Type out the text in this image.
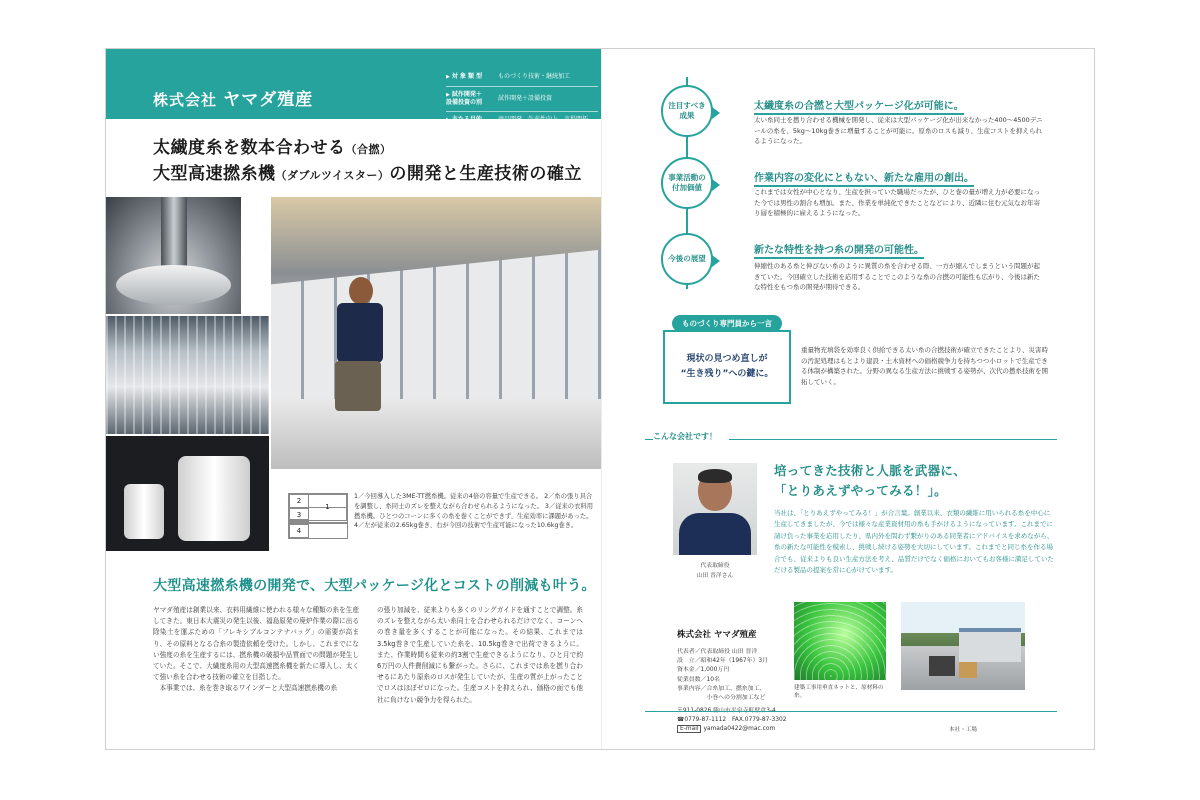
株式会社 ヤマダ殖産
▶ 対 象 類 型	ものづくり技術・継続加工
▶ 試作開発＋
設備投資の別
試作開発＋設備投資
▶ 主たる目的	商品開発、生産性向上、市場開拓
太繊度糸を数本合わせる（合撚）
大型高速撚糸機（ダブルツイスター）の開発と生産技術の確立
2
1
3
4
1／今回導入した3ME-TT撚糸機。従来の4倍の容量で生産できる。 2／糸の張り具合を調整し、糸同士のズレを整えながら合わせられるようになった。 3／従来の衣料用撚糸機。ひとつのコーンに多くの糸を巻くことができず、生産効率に課題があった。 4／左が従来の2.65kg巻き、右が今回の技術で生産可能になった10.6kg巻き。
大型高速撚糸機の開発で、大型パッケージ化とコストの削減も叶う。
ヤマダ殖産は創業以来、衣料用繊維に使われる様々な種類の糸を生産してきた。東日本大震災の発生以後、福島原発の廃炉作業の際に出る除染土を運ぶための「フレキシブルコンテナバッグ」の需要が高まり、その原料となる合糸の製造依頼を受けた。しかし、これまでにない強度の糸を生産するには、撚糸機の破損や品質面での問題が発生していた。そこで、大繊度糸用の大型高速撚糸機を新たに導入し、太くて強い糸を合わせる技術の確立を目指した。
　本事業では、糸を巻き取るワインダーと大型高速撚糸機の糸
の張り加減を、従来よりも多くのリングガイドを通すことで調整。糸のズレを整えながら太い糸同士を合わせられるだけでなく、コーンへの巻き量を多くすることが可能になった。その結果、これまでは3.5kg巻きで生産していた糸を、10.5kg巻きで出荷できるように。また、作業時間も従来の約3割で生産できるようになり、ひと月で約6万円の人件費削減にも繋がった。さらに、これまでは糸を撚り合わせるにあたり原糸のロスが発生していたが、生産の質が上がったことでロスはほぼゼロになった。生産コストを抑えられ、価格の面でも他社に負けない競争力を得られた。
注目すべき
成果
太繊度糸の合撚と大型パッケージ化が可能に。
太い糸同士を撚り合わせる機械を開発し、従来は大型パッケージ化が出来なかった400〜4500デニールの糸を、5kg〜10kg巻きに増量することが可能に。原糸のロスも減り、生産コストを抑えられるようになった。
事業活動の
付加価値
作業内容の変化にともない、新たな雇用の創出。
これまでは女性が中心となり、生産を担っていた職場だったが、ひと巻の量が増え力が必要になった今では男性の割合も増加。また、作業を単純化できたことなどにより、近隣に住む元気なお年寄り層を積極的に雇えるようになった。
今後の展望
新たな特性を持つ糸の開発の可能性。
伸縮性のある糸と伸びない糸のように異質の糸を合わせる際、一方が縮んでしまうという問題が起きていた。今回確立した技術を応用することでこのような糸の合撚の可能性も広がり、今後は新たな特性をもつ糸の開発が期待できる。
現状の見つめ直しが
“生き残り”への鍵に。
ものづくり専門員から一言
重量物充填袋を効率良く供給できる太い糸の合撚技術が確立できたことより、災害時の汚泥処理はもとより建設・土木資材への価格競争力を持ちつつ小ロットで生産できる体制が構築された。分野の異なる生産方法に挑戦する姿勢が、次代の撚糸技術を開拓していく。
こんな会社です！
代表取締役
山田 晋洋さん
培ってきた技術と人脈を武器に、
「とりあえずやってみる！」。
当社は、「とりあえずやってみる！」が合言葉。創業以来、衣類の繊維に用いられる糸を中心に生産してきましたが、今では様々な産業資材用の糸も手がけるようになっています。これまでに請け負った事業を応用したり、県内外を問わず繋がりのある同業者にアドバイスを求めながら、糸の新たな可能性を模索し、挑戦し続ける姿勢を大切にしています。これまでと同じ糸を作る場合でも、従来よりも良い生産方法を考え、品質だけでなく価格においてもお客様に満足していただける製品の提案を常に心がけています。
株式会社 ヤマダ殖産
代表者／代表取締役 山田 晋洋
設　立／昭和42年（1967年）3月
資本金／1,000万円
従業員数／10名
事業内容／合糸加工、撚糸加工、
　　　　　小巻への分割加工など
☎0779-87-1112　FAX.0779-87-3302
E-mail yamada0422@mac.com
建築工事用垂直ネットと、原材料の糸。
本社・工場
